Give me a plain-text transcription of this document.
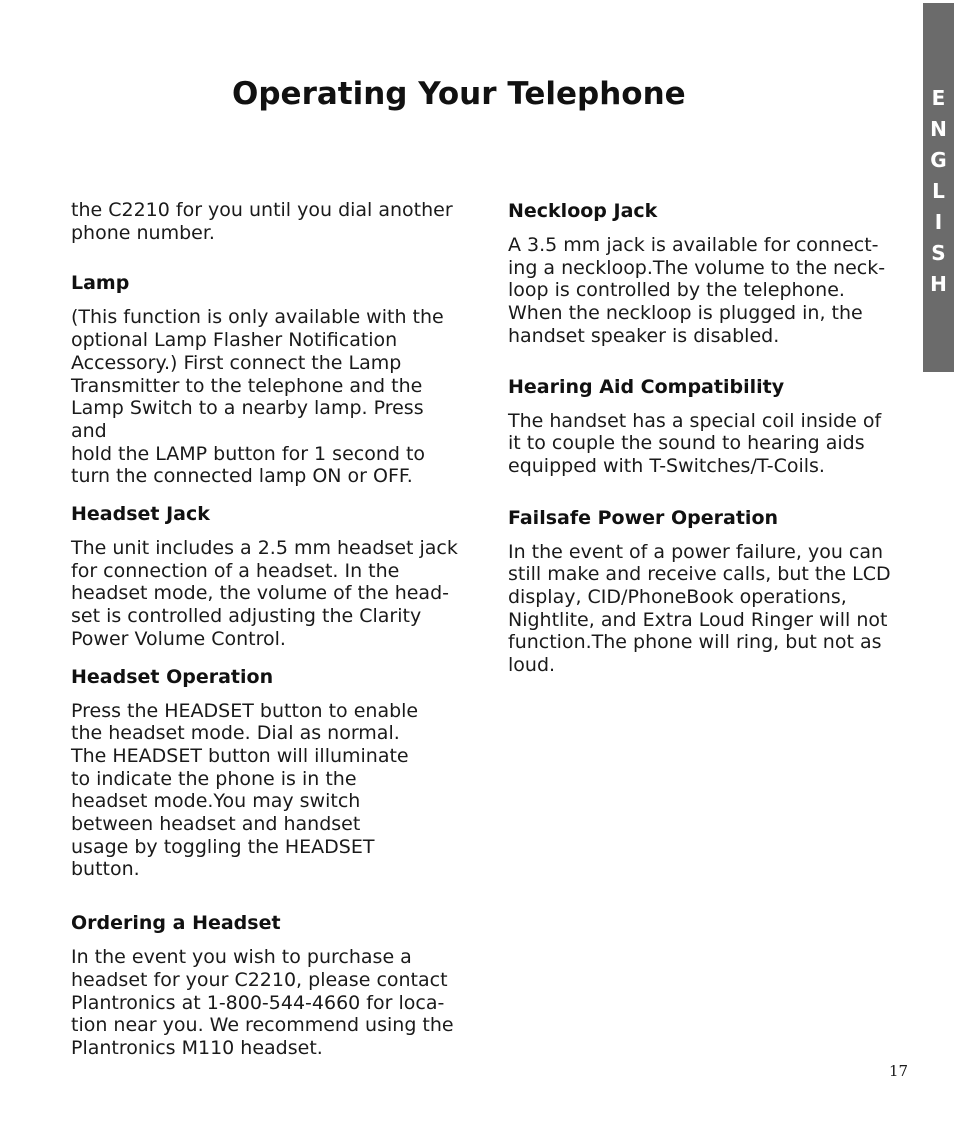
E
N
G
L
I
S
H
Operating Your Telephone

the C2210 for you until you dial another
phone number.

Lamp

(This function is only available with the
optional Lamp Flasher Notification
Accessory.) First connect the Lamp
Transmitter to the telephone and the
Lamp Switch to a nearby lamp. Press and
hold the LAMP button for 1 second to
turn the connected lamp ON or OFF.

Headset Jack

The unit includes a 2.5 mm headset jack
for connection of a headset. In the
headset mode, the volume of the head-
set is controlled adjusting the Clarity
Power Volume Control.

Headset Operation

Press the HEADSET button to enable
the headset mode. Dial as normal.
The HEADSET button will illuminate
to indicate the phone is in the
headset mode.You may switch
between headset and handset
usage by toggling the HEADSET
button.

Ordering a Headset

In the event you wish to purchase a
headset for your C2210, please contact
Plantronics at 1-800-544-4660 for loca-
tion near you. We recommend using the
Plantronics M110 headset.

Neckloop Jack

A 3.5 mm jack is available for connect-
ing a neckloop.The volume to the neck-
loop is controlled by the telephone.
When the neckloop is plugged in, the
handset speaker is disabled.

Hearing Aid Compatibility

The handset has a special coil inside of
it to couple the sound to hearing aids
equipped with T-Switches/T-Coils.

Failsafe Power Operation

In the event of a power failure, you can
still make and receive calls, but the LCD
display, CID/PhoneBook operations,
Nightlite, and Extra Loud Ringer will not
function.The phone will ring, but not as
loud.

17
